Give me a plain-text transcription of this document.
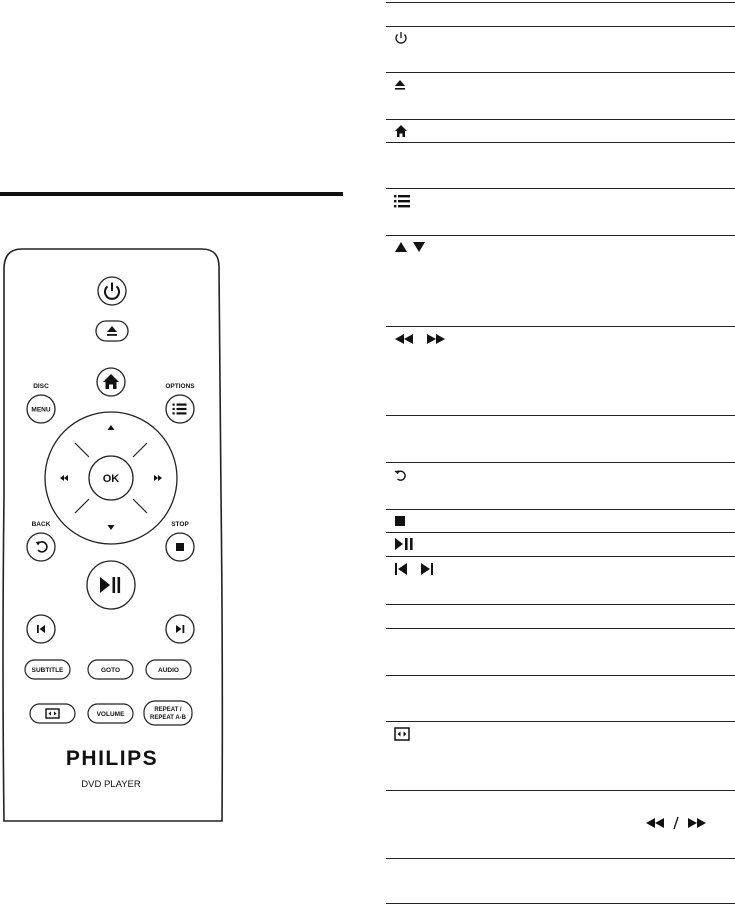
DISC
MENU
OPTIONS
OK
BACK	STOP
SUBTITLE	GOTO	AUDIO
VOLUME
REPEAT /
REPEAT A-B
PHILIPS
DVD PLAYER
